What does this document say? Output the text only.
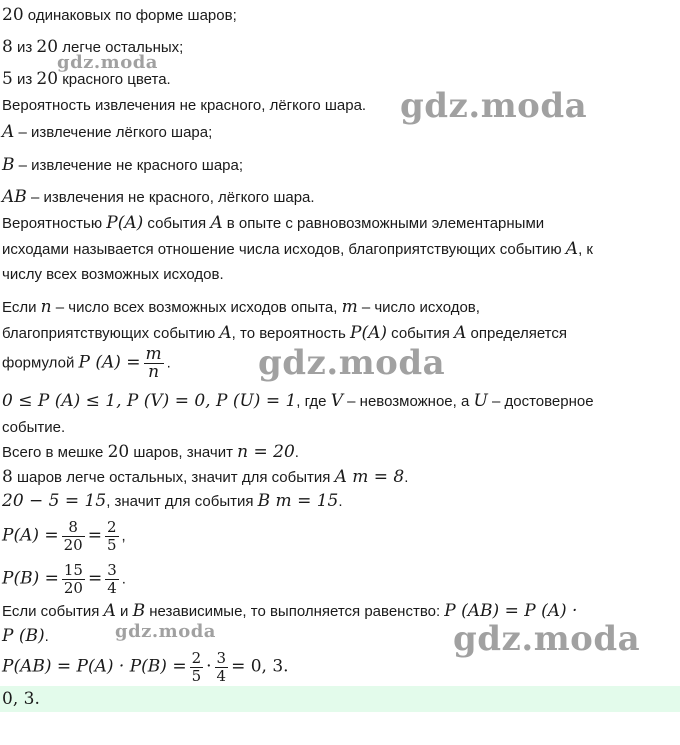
20 одинаковых по форме шаров;
8 из 20 легче остальных;
5 из 20 красного цвета.
Вероятность извлечения не красного, лёгкого шара.
A – извлечение лёгкого шара;
B – извлечение не красного шара;
AB – извлечения не красного, лёгкого шара.
Вероятностью P(A) события A в опыте с равновозможными элементарными
исходами называется отношение числа исходов, благоприятствующих событию A, к
числу всех возможных исходов.
Если n – число всех возможных исходов опыта, m – число исходов,
благоприятствующих событию A, то вероятность P(A) события A определяется
формулой P $(A) = \frac{m}{n}$ .
0 ≤ P (A) ≤ 1, P (V) = 0, P (U) = 1, где V – невозможное, а U – достоверное
событие.
Всего в мешке 20 шаров, значит n = 20.
8 шаров легче остальных, значит для события A m = 8.
20 − 5 = 15, значит для события B m = 15.
$P(A) = \frac{8}{20} = \frac{2}{5}$ ,
$P(B) = \frac{15}{20} = \frac{3}{4}$ .
Если события A и B независимые, то выполняется равенство: P (AB) = P (A) ·
P (B).
$P(AB) = P(A) \cdot P(B) = \frac{2}{5} \cdot \frac{3}{4} = 0$, 3.
0, 3.
gdz.moda
gdz.moda
gdz.moda
gdz.moda	gdz.moda
